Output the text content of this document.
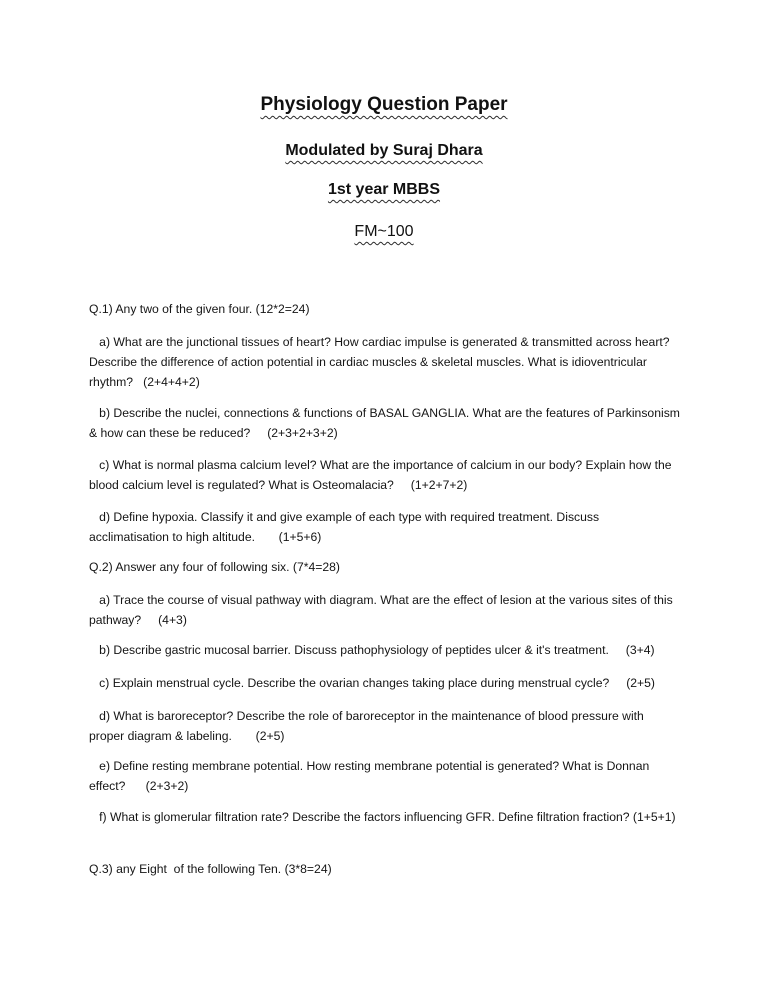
Physiology Question Paper
Modulated by Suraj Dhara
1st year MBBS
FM~100
Q.1) Any two of the given four. (12*2=24)
a) What are the junctional tissues of heart? How cardiac impulse is generated & transmitted across heart? Describe the difference of action potential in cardiac muscles & skeletal muscles. What is idioventricular rhythm?   (2+4+4+2)
b) Describe the nuclei, connections & functions of BASAL GANGLIA. What are the features of Parkinsonism & how can these be reduced?     (2+3+2+3+2)
c) What is normal plasma calcium level? What are the importance of calcium in our body? Explain how the blood calcium level is regulated? What is Osteomalacia?     (1+2+7+2)
d) Define hypoxia. Classify it and give example of each type with required treatment. Discuss acclimatisation to high altitude.       (1+5+6)
Q.2) Answer any four of following six. (7*4=28)
a) Trace the course of visual pathway with diagram. What are the effect of lesion at the various sites of this pathway?     (4+3)
b) Describe gastric mucosal barrier. Discuss pathophysiology of peptides ulcer & it's treatment.     (3+4)
c) Explain menstrual cycle. Describe the ovarian changes taking place during menstrual cycle?     (2+5)
d) What is baroreceptor? Describe the role of baroreceptor in the maintenance of blood pressure with proper diagram & labeling.       (2+5)
e) Define resting membrane potential. How resting membrane potential is generated? What is Donnan effect?      (2+3+2)
f) What is glomerular filtration rate? Describe the factors influencing GFR. Define filtration fraction? (1+5+1)
Q.3) any Eight  of the following Ten. (3*8=24)
